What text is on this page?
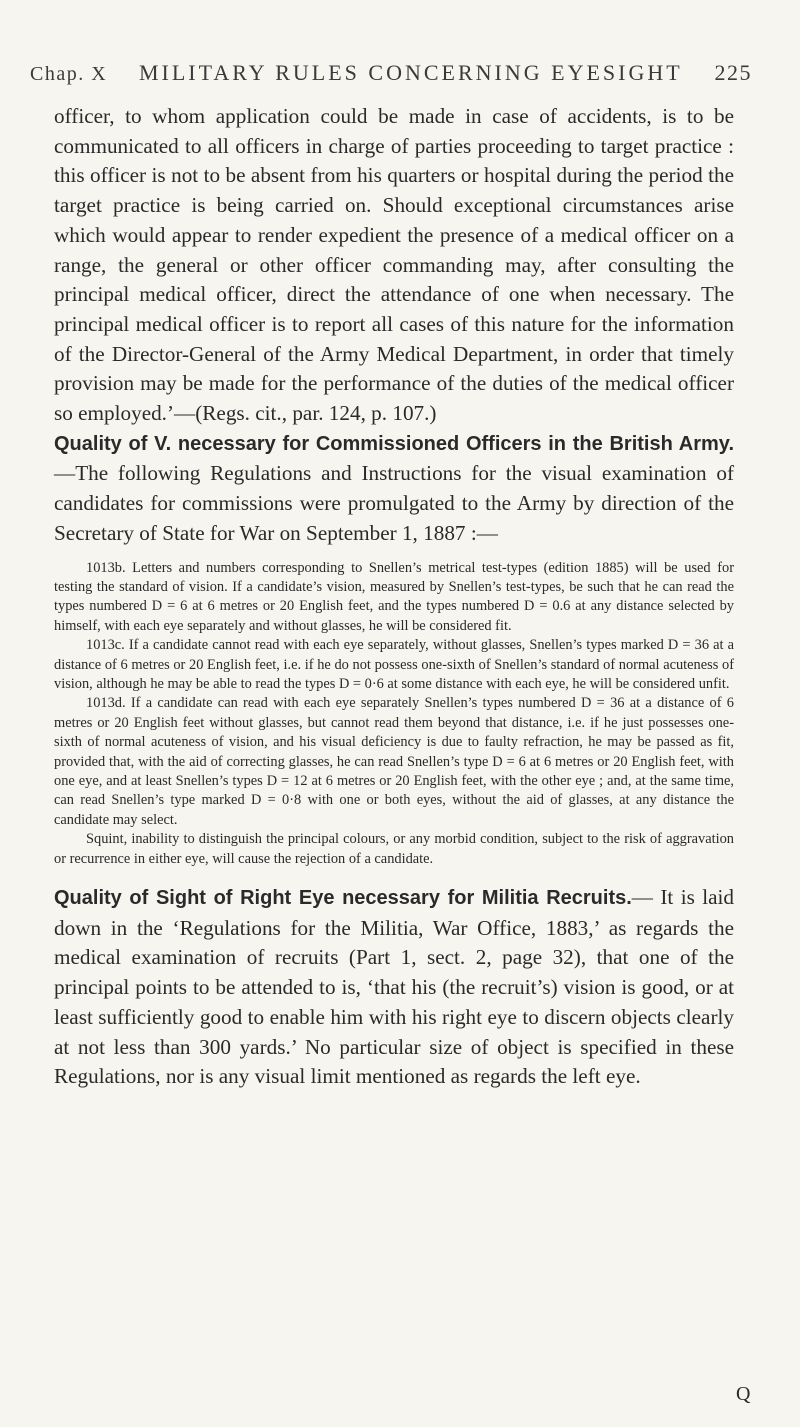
Chap. X MILITARY RULES CONCERNING EYESIGHT 225

officer, to whom application could be made in case of accidents, is to be communicated to all officers in charge of parties proceeding to target practice : this officer is not to be absent from his quarters or hospital during the period the target practice is being carried on. Should exceptional circumstances arise which would appear to render expedient the presence of a medical officer on a range, the general or other officer commanding may, after consulting the principal medical officer, direct the attendance of one when necessary. The principal medical officer is to report all cases of this nature for the information of the Director-General of the Army Medical Department, in order that timely provision may be made for the performance of the duties of the medical officer so employed.’—(Regs. cit., par. 124, p. 107.)

Quality of V. necessary for Commissioned Officers in the British Army.—The following Regulations and Instructions for the visual examination of candidates for commissions were promulgated to the Army by direction of the Secretary of State for War on September 1, 1887 :—

1013b. Letters and numbers corresponding to Snellen’s metrical test-types (edition 1885) will be used for testing the standard of vision. If a candidate’s vision, measured by Snellen’s test-types, be such that he can read the types numbered D = 6 at 6 metres or 20 English feet, and the types numbered D = 0.6 at any distance selected by himself, with each eye separately and without glasses, he will be considered fit.

1013c. If a candidate cannot read with each eye separately, without glasses, Snellen’s types marked D = 36 at a distance of 6 metres or 20 English feet, i.e. if he do not possess one-sixth of Snellen’s standard of normal acuteness of vision, although he may be able to read the types D = 0·6 at some distance with each eye, he will be considered unfit.

1013d. If a candidate can read with each eye separately Snellen’s types numbered D = 36 at a distance of 6 metres or 20 English feet without glasses, but cannot read them beyond that distance, i.e. if he just possesses one-sixth of normal acuteness of vision, and his visual deficiency is due to faulty refraction, he may be passed as fit, provided that, with the aid of correcting glasses, he can read Snellen’s type D = 6 at 6 metres or 20 English feet, with one eye, and at least Snellen’s types D = 12 at 6 metres or 20 English feet, with the other eye ; and, at the same time, can read Snellen’s type marked D = 0·8 with one or both eyes, without the aid of glasses, at any distance the candidate may select.

Squint, inability to distinguish the principal colours, or any morbid condition, subject to the risk of aggravation or recurrence in either eye, will cause the rejection of a candidate.

Quality of Sight of Right Eye necessary for Militia Recruits.— It is laid down in the ‘Regulations for the Militia, War Office, 1883,’ as regards the medical examination of recruits (Part 1, sect. 2, page 32), that one of the principal points to be attended to is, ‘that his (the recruit’s) vision is good, or at least sufficiently good to enable him with his right eye to discern objects clearly at not less than 300 yards.’ No particular size of object is specified in these Regulations, nor is any visual limit mentioned as regards the left eye.

Q
